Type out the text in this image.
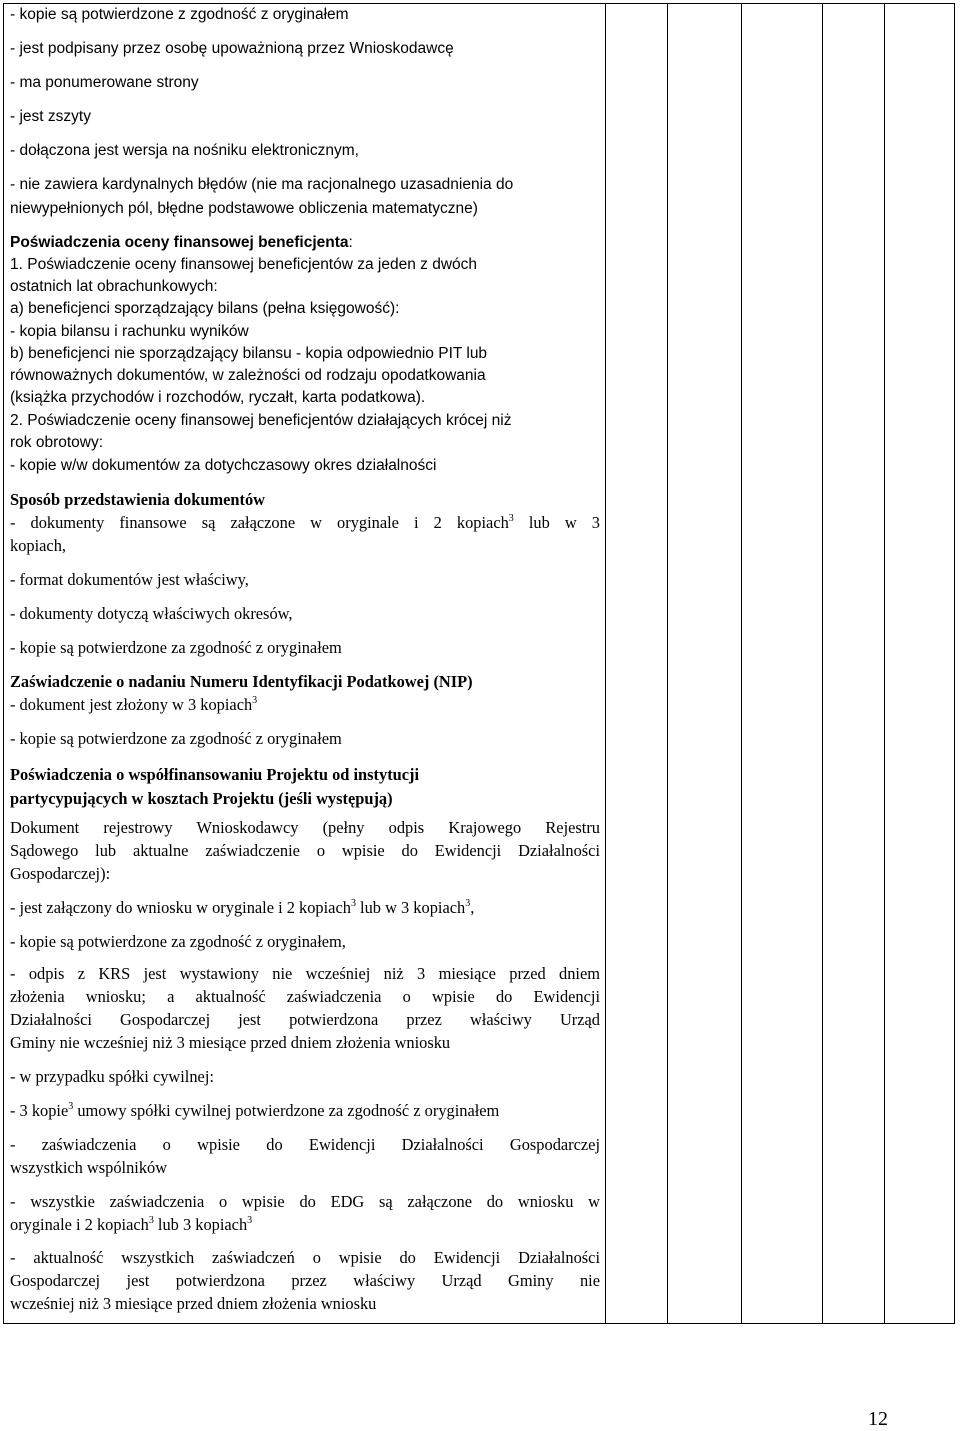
- kopie są potwierdzone z zgodność z oryginałem
- jest podpisany przez osobę upoważnioną przez Wnioskodawcę
- ma ponumerowane strony
- jest zszyty
- dołączona jest wersja na nośniku elektronicznym,
- nie zawiera kardynalnych błędów (nie ma racjonalnego uzasadnienia do
niewypełnionych pól, błędne podstawowe obliczenia matematyczne)
Poświadczenia oceny finansowej beneficjenta:
1. Poświadczenie oceny finansowej beneficjentów za jeden z dwóch
ostatnich lat obrachunkowych:
a) beneficjenci sporządzający bilans (pełna księgowość):
- kopia bilansu i rachunku wyników
b) beneficjenci nie sporządzający bilansu - kopia odpowiednio PIT lub
równoważnych dokumentów, w zależności od rodzaju opodatkowania
(książka przychodów i rozchodów, ryczałt, karta podatkowa).
2. Poświadczenie oceny finansowej beneficjentów działających krócej niż
rok obrotowy:
- kopie w/w dokumentów za dotychczasowy okres działalności
Sposób przedstawienia dokumentów
- dokumenty finansowe są załączone w oryginale i 2 kopiach$^3$ lub w 3
kopiach,
- format dokumentów jest właściwy,
- dokumenty dotyczą właściwych okresów,
- kopie są potwierdzone za zgodność z oryginałem
Zaświadczenie o nadaniu Numeru Identyfikacji Podatkowej (NIP)
- dokument jest złożony w 3 kopiach$^3$
- kopie są potwierdzone za zgodność z oryginałem
Poświadczenia o współfinansowaniu Projektu od instytucji
partycypujących w kosztach Projektu (jeśli występują)
Dokument rejestrowy Wnioskodawcy (pełny odpis Krajowego Rejestru
Sądowego lub aktualne zaświadczenie o wpisie do Ewidencji Działalności
Gospodarczej):
- jest załączony do wniosku w oryginale i 2 kopiach$^3$ lub w 3 kopiach$^3$,
- kopie są potwierdzone za zgodność z oryginałem,
- odpis z KRS jest wystawiony nie wcześniej niż 3 miesiące przed dniem
złożenia wniosku; a aktualność zaświadczenia o wpisie do Ewidencji
Działalności Gospodarczej jest potwierdzona przez właściwy Urząd
Gminy nie wcześniej niż 3 miesiące przed dniem złożenia wniosku
- w przypadku spółki cywilnej:
- 3 kopie$^3$ umowy spółki cywilnej potwierdzone za zgodność z oryginałem
- zaświadczenia o wpisie do Ewidencji Działalności Gospodarczej
wszystkich wspólników
- wszystkie zaświadczenia o wpisie do EDG są załączone do wniosku w
oryginale i 2 kopiach$^3$ lub 3 kopiach$^3$
- aktualność wszystkich zaświadczeń o wpisie do Ewidencji Działalności
Gospodarczej jest potwierdzona przez właściwy Urząd Gminy nie
wcześniej niż 3 miesiące przed dniem złożenia wniosku
12
